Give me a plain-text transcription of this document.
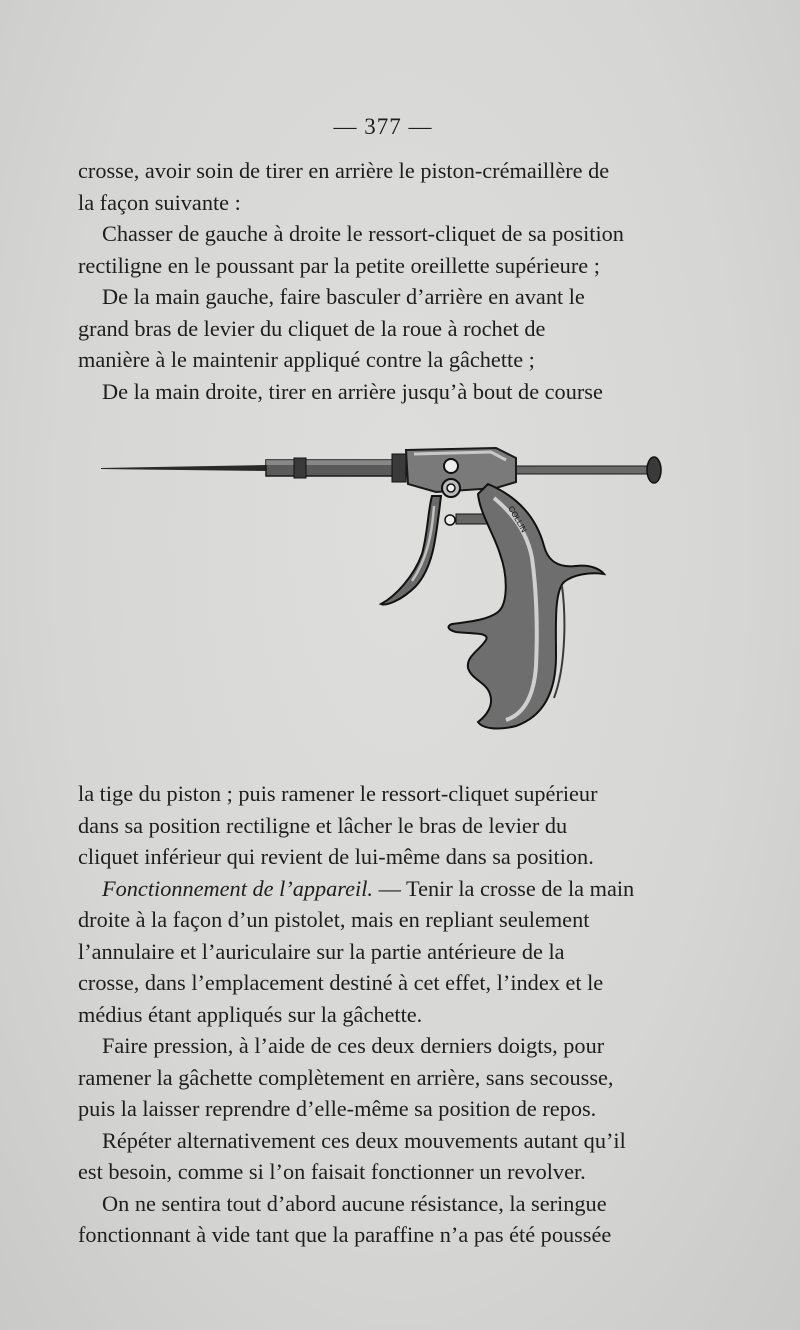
— 377 —

crosse, avoir soin de tirer en arrière le piston-crémaillère de

la façon suivante :

Chasser de gauche à droite le ressort-cliquet de sa position

rectiligne en le poussant par la petite oreillette supérieure ;

De la main gauche, faire basculer d’arrière en avant le

grand bras de levier du cliquet de la roue à rochet de

manière à le maintenir appliqué contre la gâchette ;

De la main droite, tirer en arrière jusqu’à bout de course

COLLIN

la tige du piston ; puis ramener le ressort-cliquet supérieur

dans sa position rectiligne et lâcher le bras de levier du

cliquet inférieur qui revient de lui-même dans sa position.

Fonctionnement de l’appareil. — Tenir la crosse de la main

droite à la façon d’un pistolet, mais en repliant seulement

l’annulaire et l’auriculaire sur la partie antérieure de la

crosse, dans l’emplacement destiné à cet effet, l’index et le

médius étant appliqués sur la gâchette.

Faire pression, à l’aide de ces deux derniers doigts, pour

ramener la gâchette complètement en arrière, sans secousse,

puis la laisser reprendre d’elle-même sa position de repos.

Répéter alternativement ces deux mouvements autant qu’il

est besoin, comme si l’on faisait fonctionner un revolver.

On ne sentira tout d’abord aucune résistance, la seringue

fonctionnant à vide tant que la paraffine n’a pas été poussée
